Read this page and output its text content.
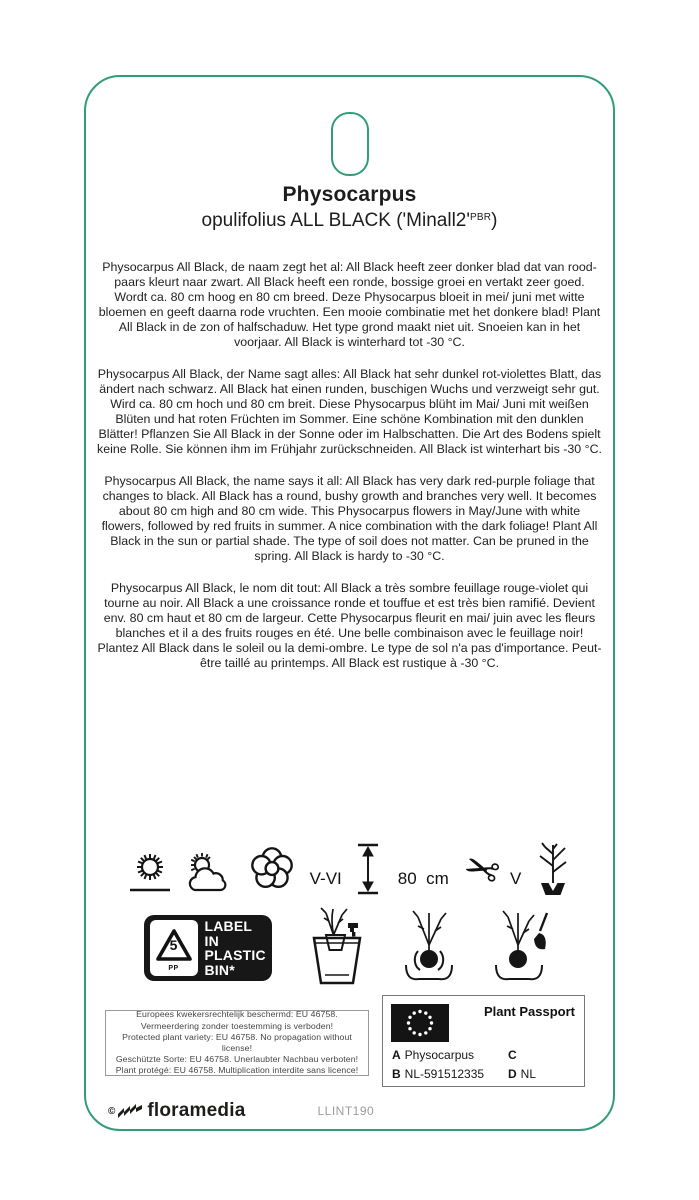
Physocarpus
opulifolius ALL BLACK $('Minall2'^{PBR})$

Physocarpus All Black, de naam zegt het al: All Black heeft zeer donker blad dat van rood-paars kleurt naar zwart. All Black heeft een ronde, bossige groei en vertakt zeer goed. Wordt ca. 80 cm hoog en 80 cm breed. Deze Physocarpus bloeit in mei/ juni met witte bloemen en geeft daarna rode vruchten. Een mooie combinatie met het donkere blad! Plant All Black in de zon of halfschaduw. Het type grond maakt niet uit. Snoeien kan in het voorjaar. All Black is winterhard tot -30 °C.

Physocarpus All Black, der Name sagt alles: All Black hat sehr dunkel rot-violettes Blatt, das ändert nach schwarz. All Black hat einen runden, buschigen Wuchs und verzweigt sehr gut. Wird ca. 80 cm hoch und 80 cm breit. Diese Physocarpus blüht im Mai/ Juni mit weißen Blüten und hat roten Früchten im Sommer. Eine schöne Kombination mit den dunklen Blätter! Pflanzen Sie All Black in der Sonne oder im Halbschatten. Die Art des Bodens spielt keine Rolle. Sie können ihm im Frühjahr zurückschneiden. All Black ist winterhart bis -30 °C.

Physocarpus All Black, the name says it all: All Black has very dark red-purple foliage that changes to black. All Black has a round, bushy growth and branches very well. It becomes about 80 cm high and 80 cm wide. This Physocarpus flowers in May/June with white flowers, followed by red fruits in summer. A nice combination with the dark foliage! Plant All Black in the sun or partial shade. The type of soil does not matter. Can be pruned in the spring. All Black is hardy to -30 °C.

Physocarpus All Black, le nom dit tout: All Black a très sombre feuillage rouge-violet qui tourne au noir. All Black a une croissance ronde et touffue et est très bien ramifié. Devient env. 80 cm haut et 80 cm de largeur. Cette Physocarpus fleurit en mai/ juin avec les fleurs blanches et il a des fruits rouges en été. Une belle combinaison avec le feuillage noir! Plantez All Black dans le soleil ou la demi-ombre. Le type de sol n'a pas d'importance. Peut-être taillé au printemps. All Black est rustique à -30 °C.

V-VI	80 cm ✂ V
5
PP
LABEL IN
PLASTIC
BIN*
Europees kwekersrechtelijk beschermd: EU 46758.
Vermeerdering zonder toestemming is verboden!
Protected plant variety: EU 46758. No propagation without license!
Geschützte Sorte: EU 46758. Unerlaubter Nachbau verboten!
Plant protégé: EU 46758. Multiplication interdite sans licence!
Plant Passport
A Physocarpus
B NL-591512335
C
D NL
© floramedia	LLINT190
